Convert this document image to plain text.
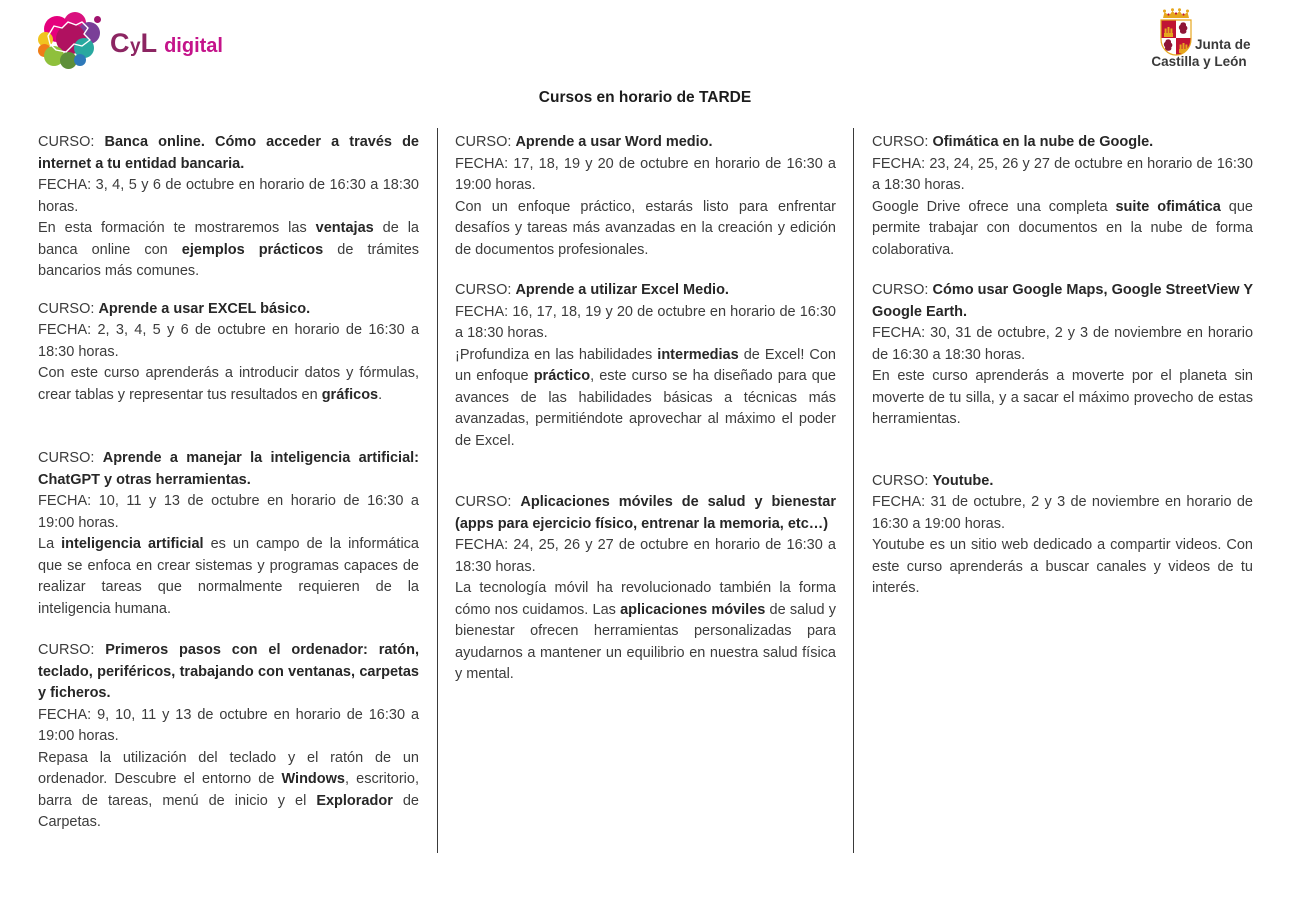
CyL digital	Junta de
Castilla y León
Cursos en horario de TARDE

CURSO: Banca online. Cómo acceder a través de internet a tu entidad bancaria.

FECHA: 3, 4, 5 y 6 de octubre en horario de 16:30 a 18:30 horas.

En esta formación te mostraremos las ventajas de la banca online con ejemplos prácticos de trámites bancarios más comunes.

CURSO: Aprende a usar EXCEL básico.

FECHA: 2, 3, 4, 5 y 6 de octubre en horario de 16:30 a 18:30 horas.

Con este curso aprenderás a introducir datos y fórmulas, crear tablas y representar tus resultados en gráficos.

CURSO: Aprende a manejar la inteligencia artificial: ChatGPT y otras herramientas.

FECHA: 10, 11 y 13 de octubre en horario de 16:30 a 19:00 horas.

La inteligencia artificial es un campo de la informática que se enfoca en crear sistemas y programas capaces de realizar tareas que normalmente requieren de la inteligencia humana.

CURSO: Primeros pasos con el ordenador: ratón, teclado, periféricos, trabajando con ventanas, carpetas y ficheros.

FECHA: 9, 10, 11 y 13 de octubre en horario de 16:30 a 19:00 horas.

Repasa la utilización del teclado y el ratón de un ordenador. Descubre el entorno de Windows, escritorio, barra de tareas, menú de inicio y el Explorador de Carpetas.

CURSO: Aprende a usar Word medio.

FECHA: 17, 18, 19 y 20 de octubre en horario de 16:30 a 19:00 horas.

Con un enfoque práctico, estarás listo para enfrentar desafíos y tareas más avanzadas en la creación y edición de documentos profesionales.

CURSO: Aprende a utilizar Excel Medio.

FECHA: 16, 17, 18, 19 y 20 de octubre en horario de 16:30 a 18:30 horas.

¡Profundiza en las habilidades intermedias de Excel! Con un enfoque práctico, este curso se ha diseñado para que avances de las habilidades básicas a técnicas más avanzadas, permitiéndote aprovechar al máximo el poder de Excel.

CURSO: Aplicaciones móviles de salud y bienestar (apps para ejercicio físico, entrenar la memoria, etc…)

FECHA: 24, 25, 26 y 27 de octubre en horario de 16:30 a 18:30 horas.

La tecnología móvil ha revolucionado también la forma cómo nos cuidamos. Las aplicaciones móviles de salud y bienestar ofrecen herramientas personalizadas para ayudarnos a mantener un equilibrio en nuestra salud física y mental.

CURSO: Ofimática en la nube de Google.

FECHA: 23, 24, 25, 26 y 27 de octubre en horario de 16:30 a 18:30 horas.

Google Drive ofrece una completa suite ofimática que permite trabajar con documentos en la nube de forma colaborativa.

CURSO: Cómo usar Google Maps, Google StreetView Y Google Earth.

FECHA: 30, 31 de octubre, 2 y 3 de noviembre en horario de 16:30 a 18:30 horas.

En este curso aprenderás a moverte por el planeta sin moverte de tu silla, y a sacar el máximo provecho de estas herramientas.

CURSO: Youtube.

FECHA: 31 de octubre, 2 y 3 de noviembre en horario de 16:30 a 19:00 horas.

Youtube es un sitio web dedicado a compartir videos. Con este curso aprenderás a buscar canales y videos de tu interés.
